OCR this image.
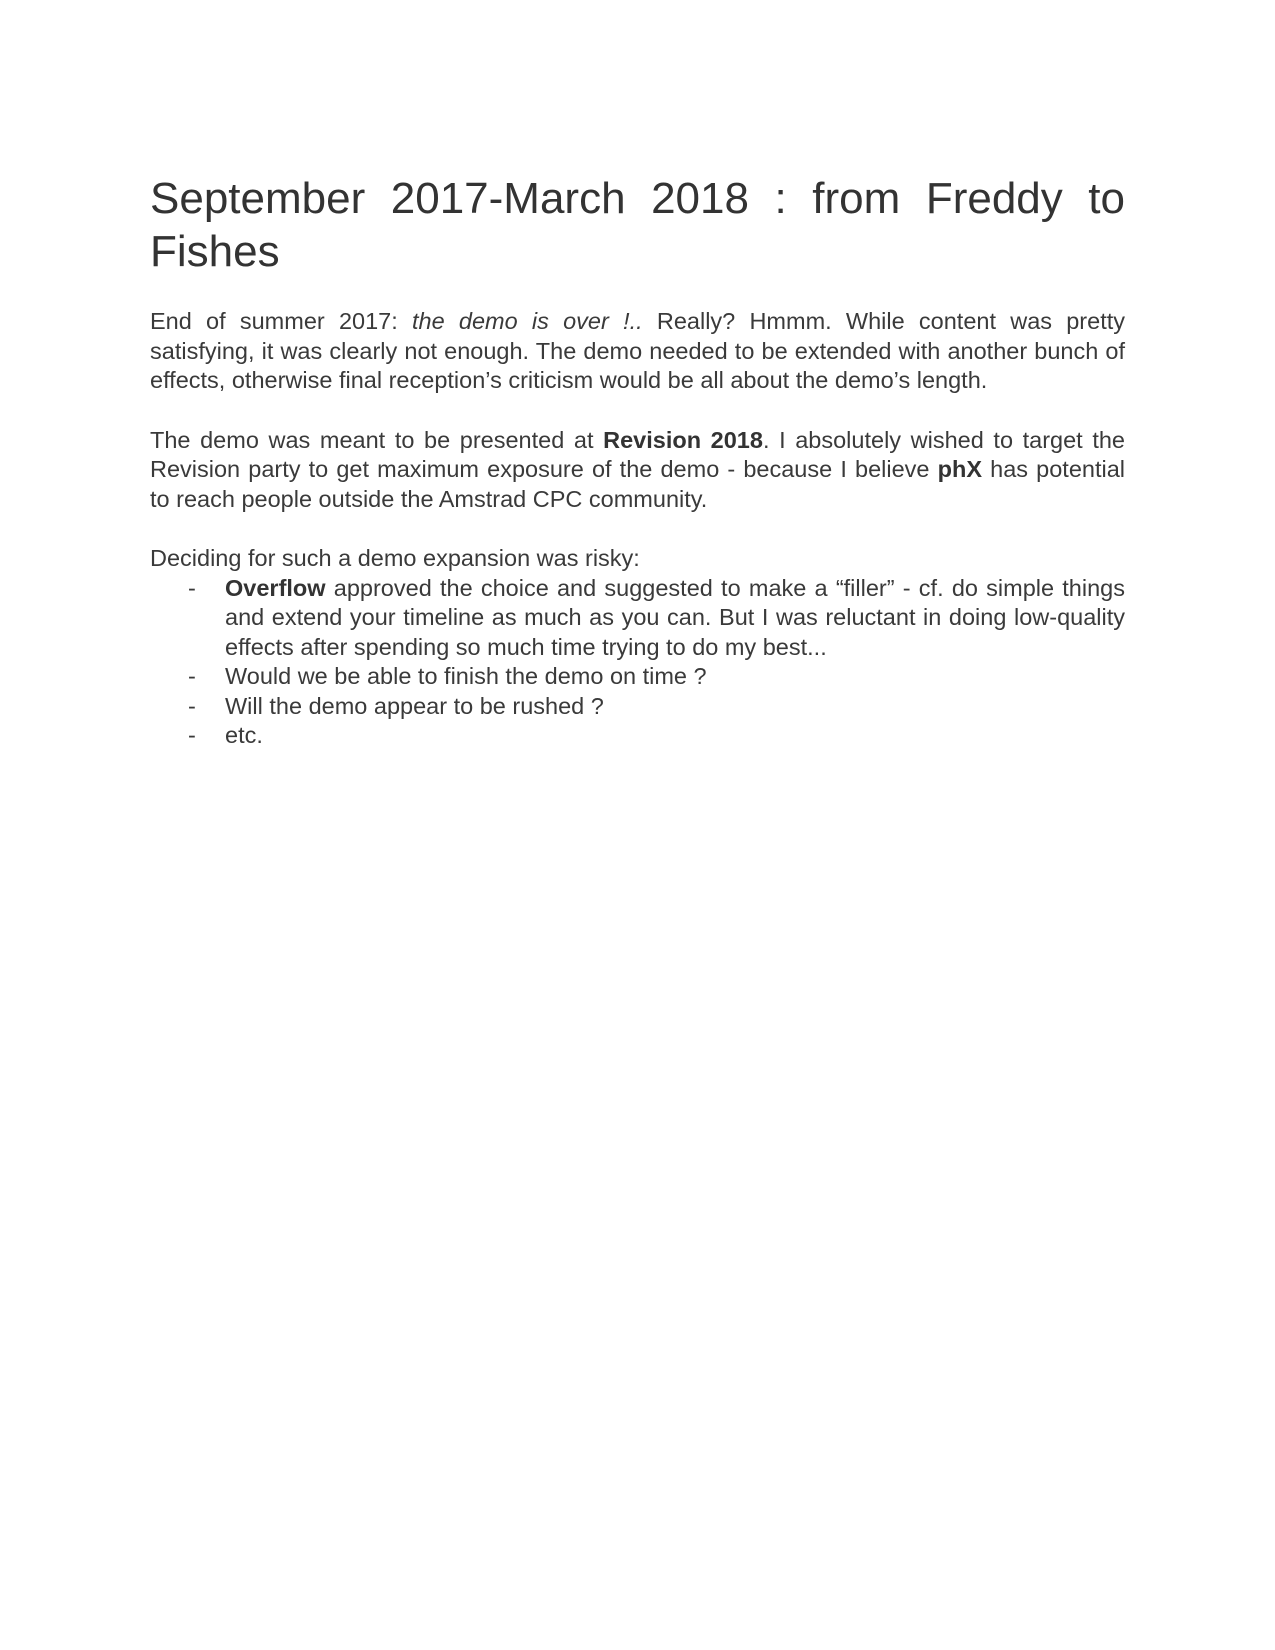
September 2017-March 2018 : from Freddy to Fishes

End of summer 2017: the demo is over !.. Really? Hmmm. While content was pretty satisfying, it was clearly not enough. The demo needed to be extended with another bunch of effects, otherwise final reception’s criticism would be all about the demo’s length.

The demo was meant to be presented at Revision 2018. I absolutely wished to target the Revision party to get maximum exposure of the demo - because I believe phX has potential to reach people outside the Amstrad CPC community.

Deciding for such a demo expansion was risky:

- Overflow approved the choice and suggested to make a “filler” - cf. do simple things and extend your timeline as much as you can. But I was reluctant in doing low-quality effects after spending so much time trying to do my best...
- Would we be able to finish the demo on time ?
- Will the demo appear to be rushed ?
- etc.
